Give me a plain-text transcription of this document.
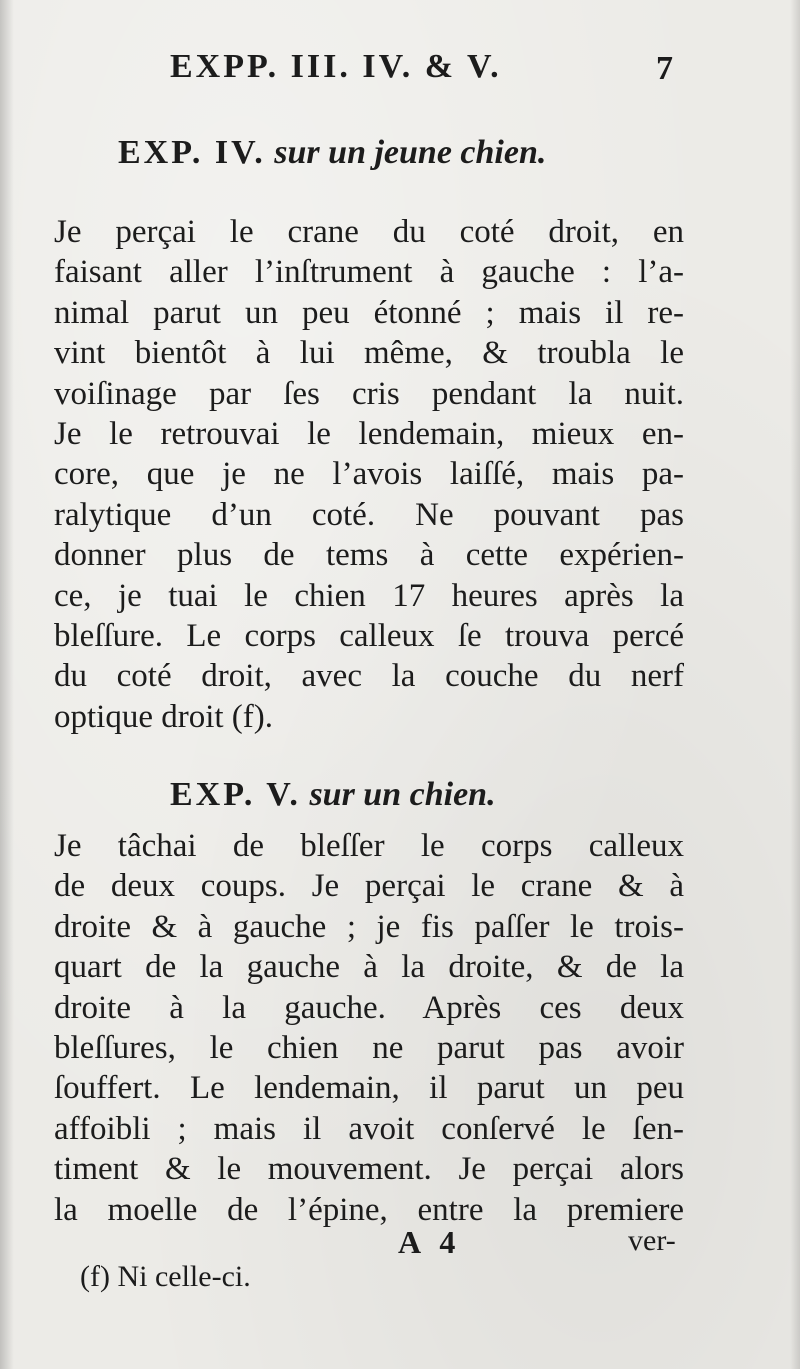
EXPP. III. IV. & V.	7
EXP. IV. sur un jeune chien.
Je perçai le crane du coté droit, en
faisant aller l’inſtrument à gauche : l’a-
nimal parut un peu étonné ; mais il re-
vint bientôt à lui même, & troubla le
voiſinage par ſes cris pendant la nuit.
Je le retrouvai le lendemain, mieux en-
core, que je ne l’avois laiſſé, mais pa-
ralytique d’un coté. Ne pouvant pas
donner plus de tems à cette expérien-
ce, je tuai le chien 17 heures après la
bleſſure. Le corps calleux ſe trouva percé
du coté droit, avec la couche du nerf
optique droit (f).
EXP. V. sur un chien.
Je tâchai de bleſſer le corps calleux
de deux coups. Je perçai le crane & à
droite & à gauche ; je fis paſſer le trois-
quart de la gauche à la droite, & de la
droite à la gauche. Après ces deux
bleſſures, le chien ne parut pas avoir
ſouffert. Le lendemain, il parut un peu
affoibli ; mais il avoit conſervé le ſen-
timent & le mouvement. Je perçai alors
la moelle de l’épine, entre la premiere
A 4	ver-
(f) Ni celle-ci.
